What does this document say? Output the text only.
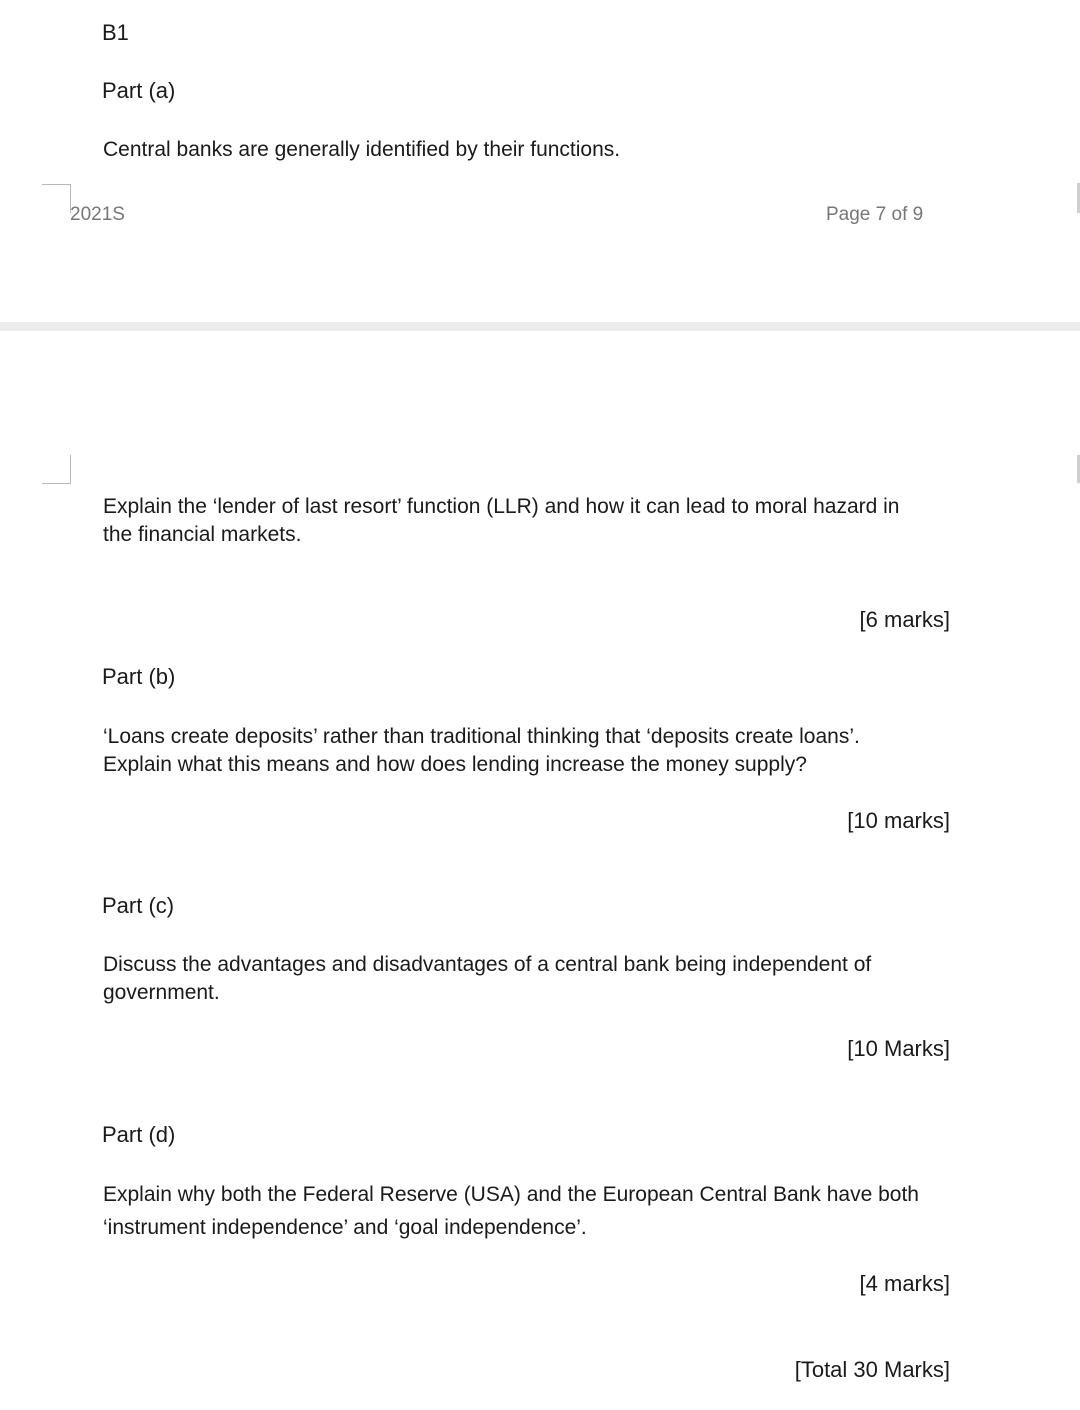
B1
Part (a)
Central banks are generally identified by their functions.
2021S	Page 7 of 9
Explain the ‘lender of last resort’ function (LLR) and how it can lead to moral hazard in
the financial markets.
[6 marks]
Part (b)
‘Loans create deposits’ rather than traditional thinking that ‘deposits create loans’.
Explain what this means and how does lending increase the money supply?
[10 marks]
Part (c)
Discuss the advantages and disadvantages of a central bank being independent of
government.
[10 Marks]
Part (d)
Explain why both the Federal Reserve (USA) and the European Central Bank have both
‘instrument independence’ and ‘goal independence’.
[4 marks]
[Total 30 Marks]
